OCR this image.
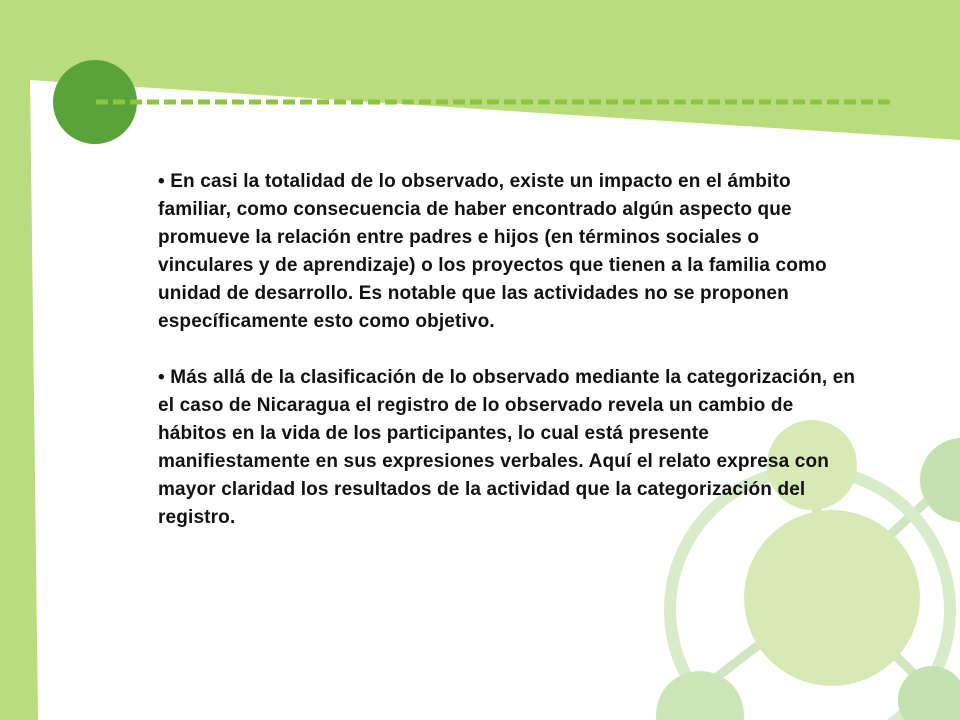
• En casi la totalidad de lo observado, existe un impacto en el ámbito familiar, como consecuencia de haber encontrado algún aspecto que promueve la relación entre padres e hijos (en términos sociales o vinculares y de aprendizaje) o los proyectos que tienen a la familia como unidad de desarrollo. Es notable que las actividades no se proponen específicamente esto como objetivo.

• Más allá de la clasificación de lo observado mediante la categorización, en el caso de Nicaragua el registro de lo observado revela un cambio de hábitos en la vida de los participantes, lo cual está presente manifiestamente en sus expresiones verbales. Aquí el relato expresa con mayor claridad los resultados de la actividad que la categorización del registro.
